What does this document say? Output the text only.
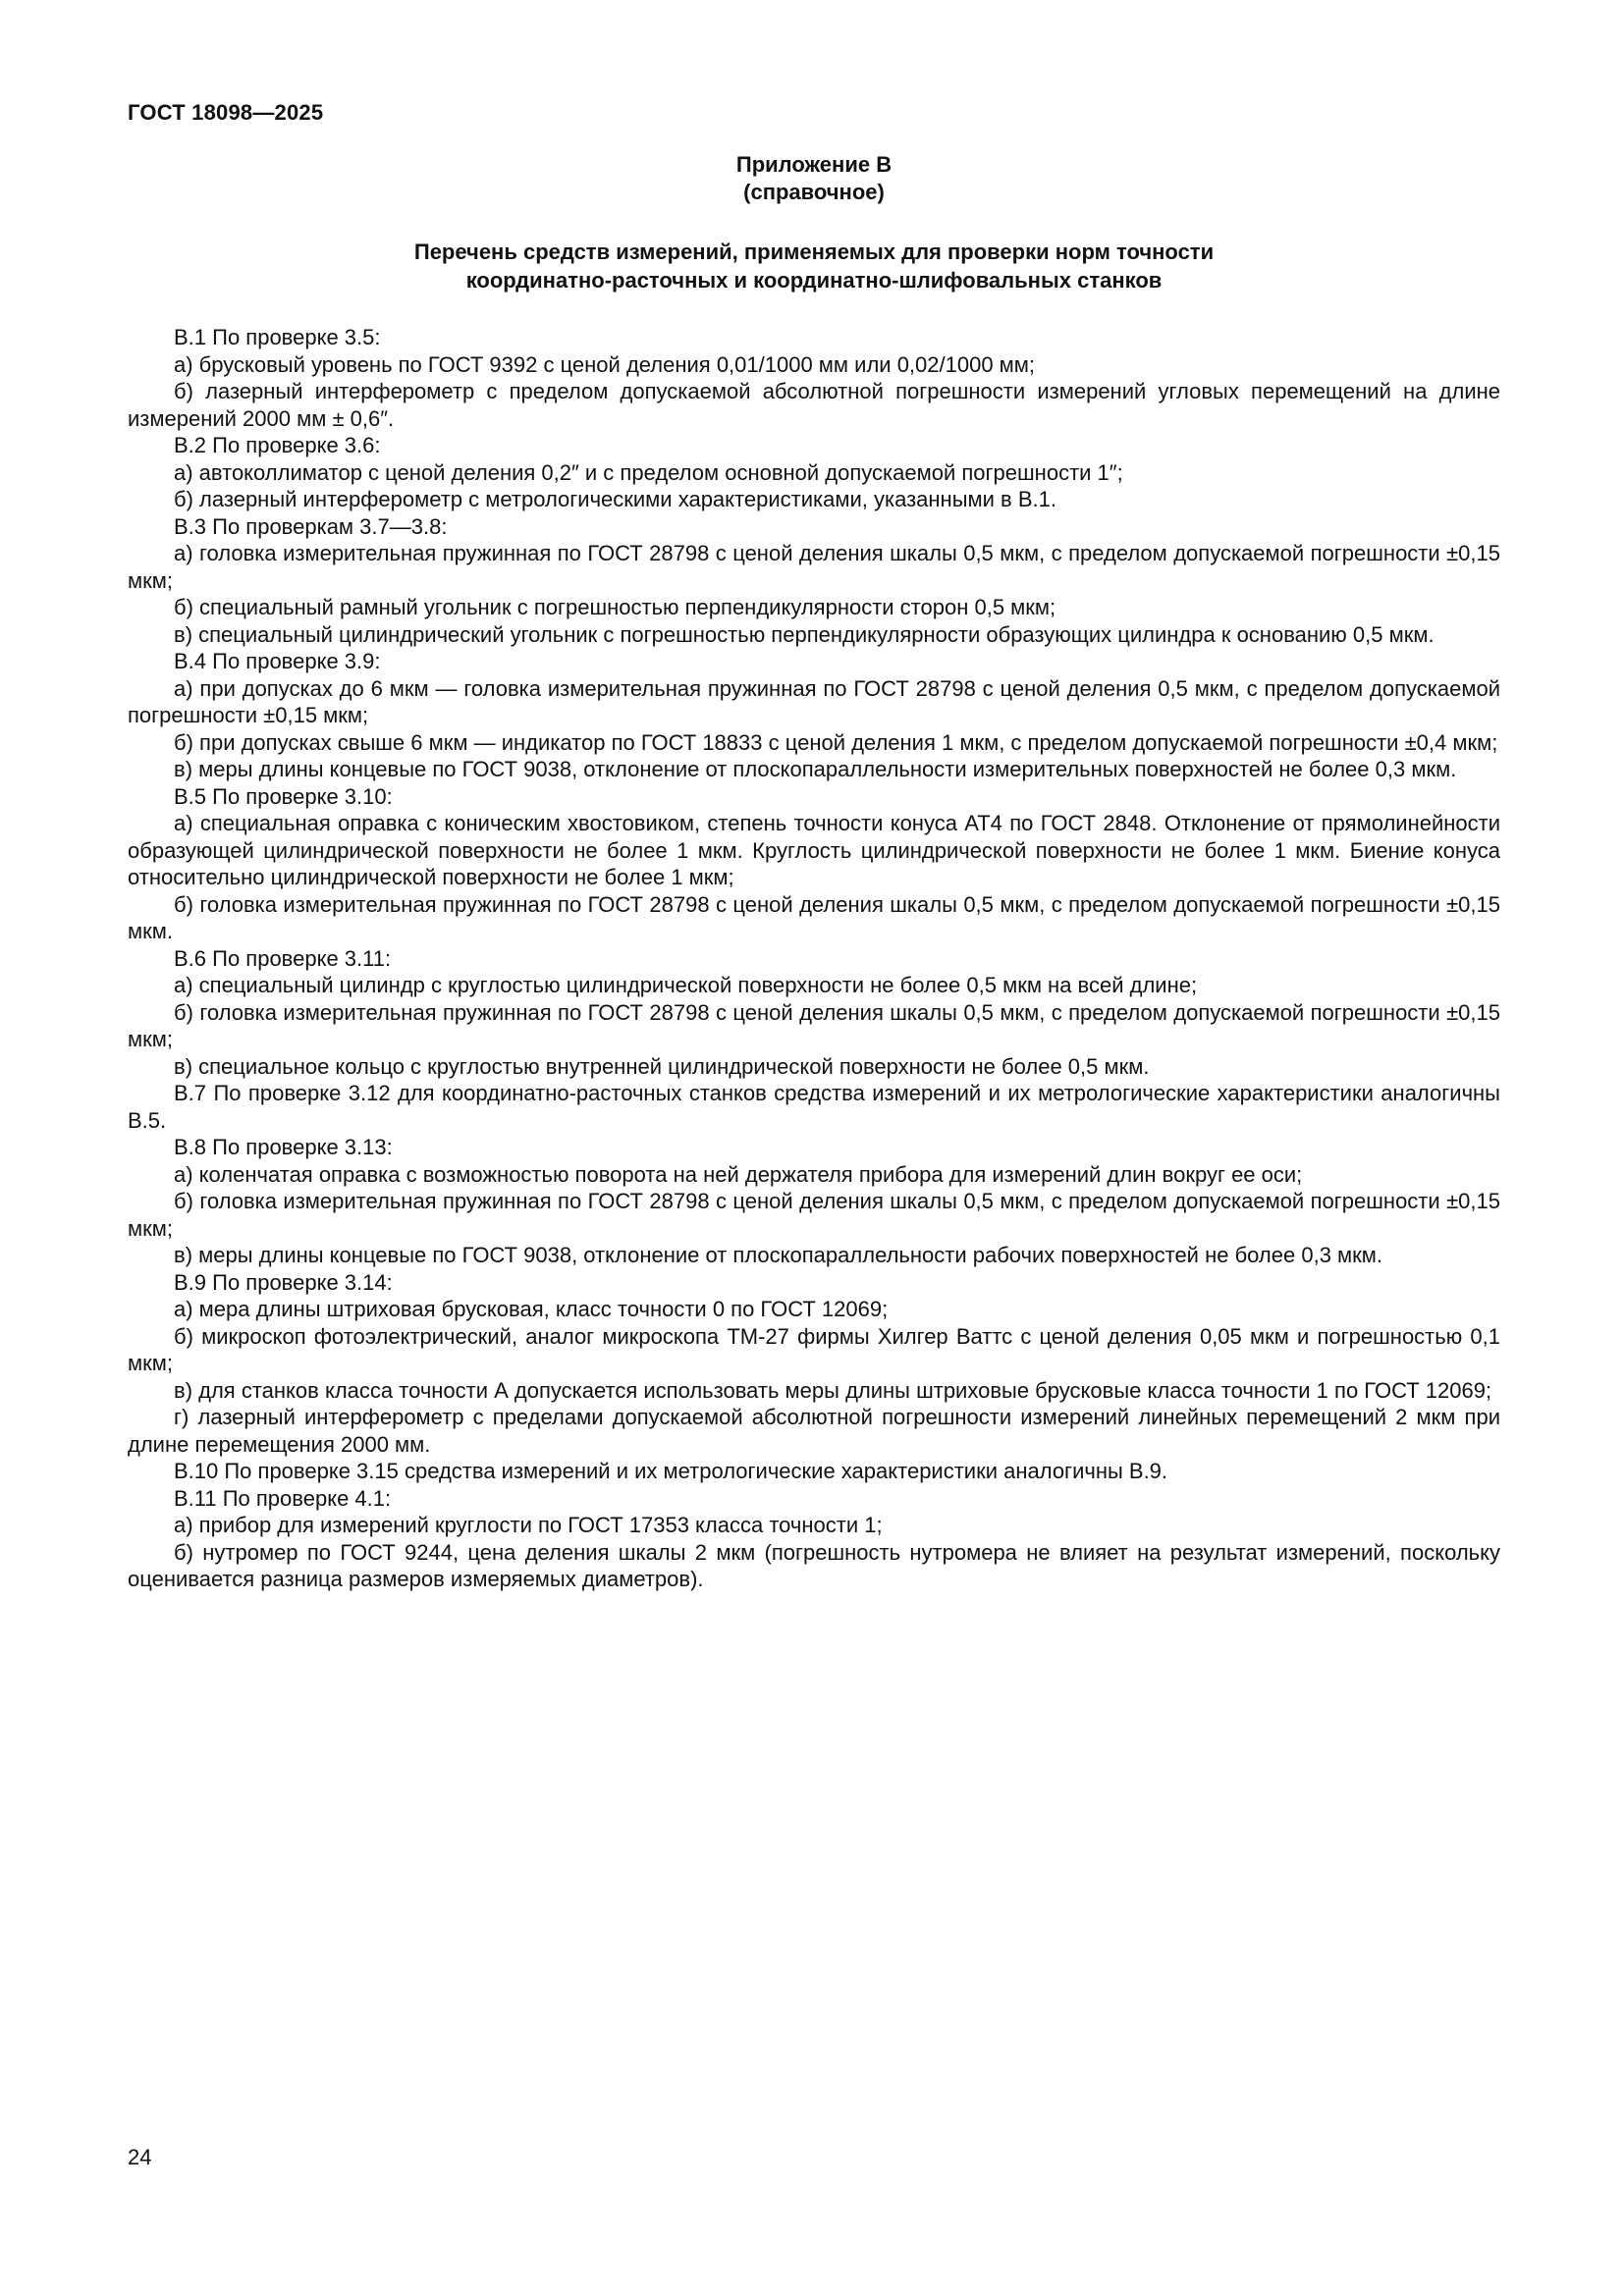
ГОСТ 18098—2025
Приложение В
(справочное)
Перечень средств измерений, применяемых для проверки норм точности
координатно-расточных и координатно-шлифовальных станков

В.1 По проверке 3.5:

а) брусковый уровень по ГОСТ 9392 с ценой деления 0,01/1000 мм или 0,02/1000 мм;

б) лазерный интерферометр с пределом допускаемой абсолютной погрешности измерений угловых перемещений на длине измерений 2000 мм ± 0,6″.

В.2 По проверке 3.6:

а) автоколлиматор с ценой деления 0,2″ и с пределом основной допускаемой погрешности 1″;

б) лазерный интерферометр с метрологическими характеристиками, указанными в В.1.

В.3 По проверкам 3.7—3.8:

а) головка измерительная пружинная по ГОСТ 28798 с ценой деления шкалы 0,5 мкм, с пределом допускаемой погрешности ±0,15 мкм;

б) специальный рамный угольник с погрешностью перпендикулярности сторон 0,5 мкм;

в) специальный цилиндрический угольник с погрешностью перпендикулярности образующих цилиндра к основанию 0,5 мкм.

В.4 По проверке 3.9:

а) при допусках до 6 мкм — головка измерительная пружинная по ГОСТ 28798 с ценой деления 0,5 мкм, с пределом допускаемой погрешности ±0,15 мкм;

б) при допусках свыше 6 мкм — индикатор по ГОСТ 18833 с ценой деления 1 мкм, с пределом допускаемой погрешности ±0,4 мкм;

в) меры длины концевые по ГОСТ 9038, отклонение от плоскопараллельности измерительных поверхностей не более 0,3 мкм.

В.5 По проверке 3.10:

а) специальная оправка с коническим хвостовиком, степень точности конуса АТ4 по ГОСТ 2848. Отклонение от прямолинейности образующей цилиндрической поверхности не более 1 мкм. Круглость цилиндрической поверхности не более 1 мкм. Биение конуса относительно цилиндрической поверхности не более 1 мкм;

б) головка измерительная пружинная по ГОСТ 28798 с ценой деления шкалы 0,5 мкм, с пределом допускаемой погрешности ±0,15 мкм.

В.6 По проверке 3.11:

а) специальный цилиндр с круглостью цилиндрической поверхности не более 0,5 мкм на всей длине;

б) головка измерительная пружинная по ГОСТ 28798 с ценой деления шкалы 0,5 мкм, с пределом допускаемой погрешности ±0,15 мкм;

в) специальное кольцо с круглостью внутренней цилиндрической поверхности не более 0,5 мкм.

В.7 По проверке 3.12 для координатно-расточных станков средства измерений и их метрологические характеристики аналогичны В.5.

В.8 По проверке 3.13:

а) коленчатая оправка с возможностью поворота на ней держателя прибора для измерений длин вокруг ее оси;

б) головка измерительная пружинная по ГОСТ 28798 с ценой деления шкалы 0,5 мкм, с пределом допускаемой погрешности ±0,15 мкм;

в) меры длины концевые по ГОСТ 9038, отклонение от плоскопараллельности рабочих поверхностей не более 0,3 мкм.

В.9 По проверке 3.14:

а) мера длины штриховая брусковая, класс точности 0 по ГОСТ 12069;

б) микроскоп фотоэлектрический, аналог микроскопа ТМ-27 фирмы Хилгер Ваттс с ценой деления 0,05 мкм и погрешностью 0,1 мкм;

в) для станков класса точности А допускается использовать меры длины штриховые брусковые класса точности 1 по ГОСТ 12069;

г) лазерный интерферометр с пределами допускаемой абсолютной погрешности измерений линейных перемещений 2 мкм при длине перемещения 2000 мм.

В.10 По проверке 3.15 средства измерений и их метрологические характеристики аналогичны В.9.

В.11 По проверке 4.1:

а) прибор для измерений круглости по ГОСТ 17353 класса точности 1;

б) нутромер по ГОСТ 9244, цена деления шкалы 2 мкм (погрешность нутромера не влияет на результат измерений, поскольку оценивается разница размеров измеряемых диаметров).

24
